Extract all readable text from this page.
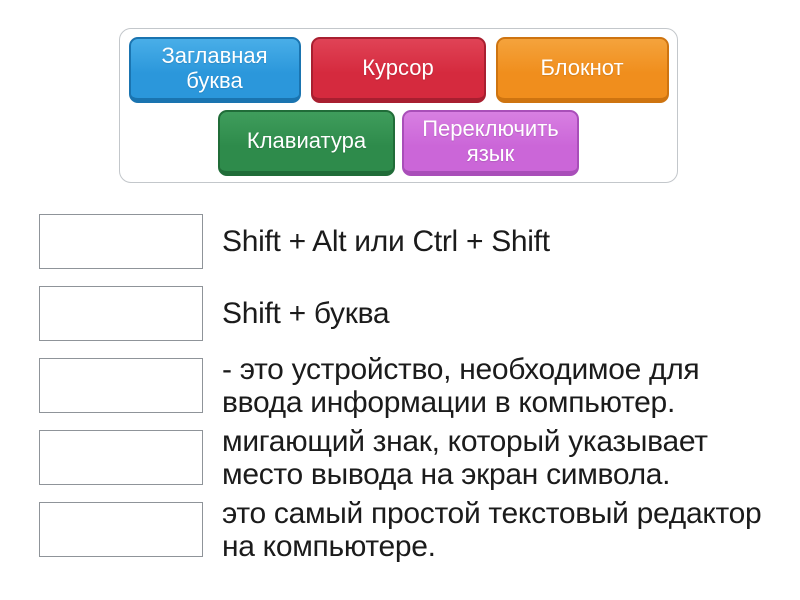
Заглавная буква	Курсор	Блокнот
Клавиатура	Переключить язык
Shift + Alt или Ctrl + Shift
Shift + буква
- это устройство, необходимое для ввода информации в компьютер.
мигающий знак, который указывает место вывода на экран символа.
это самый простой текстовый редактор на компьютере.
